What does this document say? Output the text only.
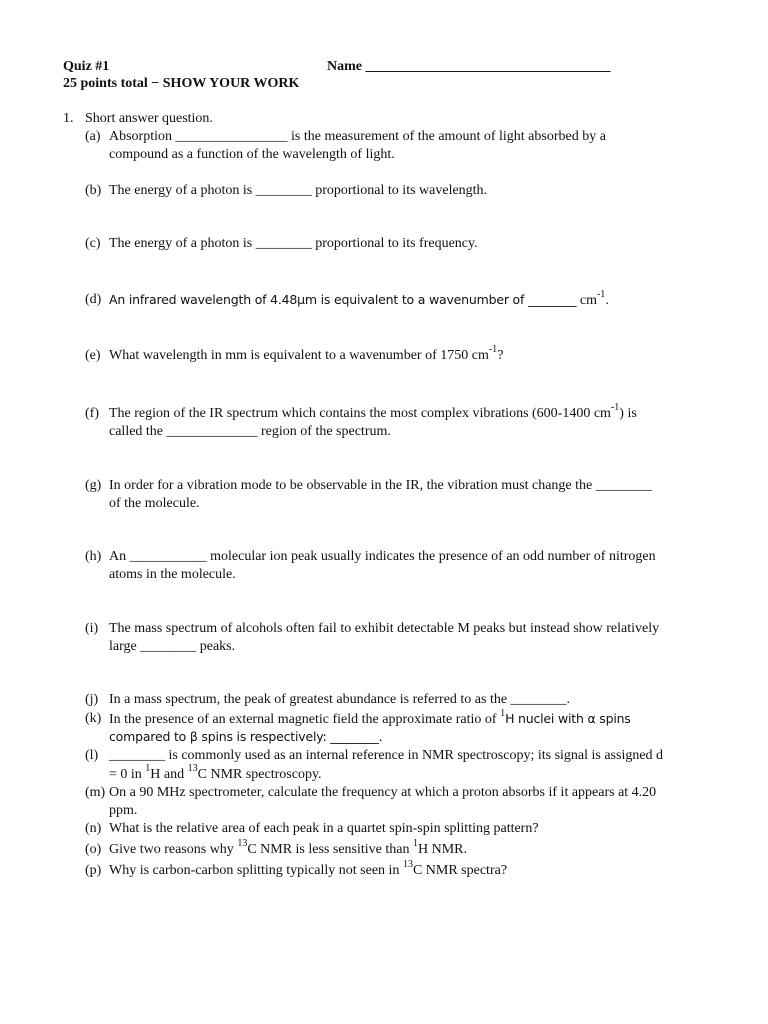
Quiz #1	Name ___________________________________
25 points total − SHOW YOUR WORK
1. Short answer question.
(a) Absorption ________________ is the measurement of the amount of light absorbed by a
compound as a function of the wavelength of light.
(b) The energy of a photon is ________ proportional to its wavelength.
(c) The energy of a photon is ________ proportional to its frequency.
(d) An infrared wavelength of 4.48μm is equivalent to a wavenumber of ________ $cm^{-1}$.
(e) What wavelength in mm is equivalent to a wavenumber of 1750 $cm^{-1}$?
(f) The region of the IR spectrum which contains the most complex vibrations (600-1400 $cm^{-1}$) is
called the _____________ region of the spectrum.
(g) In order for a vibration mode to be observable in the IR, the vibration must change the ________
of the molecule.
(h) An ___________ molecular ion peak usually indicates the presence of an odd number of nitrogen
atoms in the molecule.
(i) The mass spectrum of alcohols often fail to exhibit detectable M peaks but instead show relatively
large ________ peaks.
(j) In a mass spectrum, the peak of greatest abundance is referred to as the ________.
(k) In the presence of an external magnetic field the approximate ratio of $^1$H nuclei with α spins
compared to β spins is respectively: ________.
(l) ________ is commonly used as an internal reference in NMR spectroscopy; its signal is assigned d
= 0 in $^1$H and $^{13}$C NMR spectroscopy.
(m) On a 90 MHz spectrometer, calculate the frequency at which a proton absorbs if it appears at 4.20
ppm.
(n) What is the relative area of each peak in a quartet spin-spin splitting pattern?
(o) Give two reasons why $^{13}$C NMR is less sensitive than $^1$H NMR.
(p) Why is carbon-carbon splitting typically not seen in $^{13}$C NMR spectra?
